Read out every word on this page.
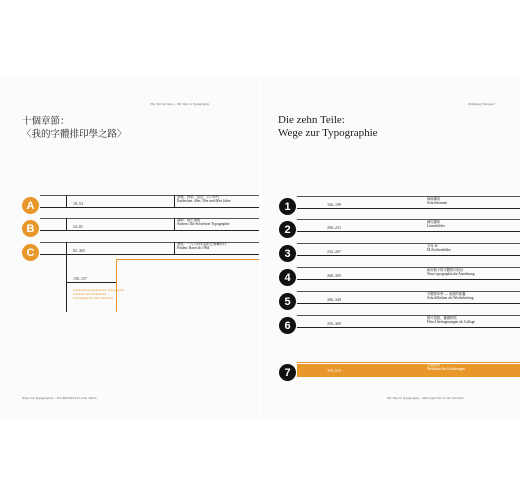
The Ten Sections – My Way to Typography
十個章節：
〈我的字體排印學之路〉
A	18–53
塗鴉，拼貼，直幻，六○年代
Entdecken: 40er, 50er und 60er Jahre
B	54–81
講師：瑞士風格
Suchen: Die Schweizer Typographie
C	82–365
發展：一九六四年起的巴塞爾年代
Finden: Basel ab 1964
130–157
Unterrichtsprogramm der Typographie
Lehrplan und didaktische
Grundlagen für den Unterricht
Wege zur Typographie – Ein Rückblick in zehn Teilen
Wolfgang Weingart
Die zehn Teile:
Wege zur Typographie
1	166–199
線與構成
Schriftformen
2	200–231
線性圖象
Linearbilder
3	232–267
字母 M
M Zeichenbilder
4	268–305
新形態下的字體排印設計
Neue typographische Anordnung
5	306–349
字體排印學 — 表面的重疊
Schriftflächen als Wiederholung
6	350–369
膠片拼貼，疊層拼貼
Film-Überlagerungen als Collage
7	370–513
字體排印
Werkstatt der Erfahrungen
My Way to Typography – Retrospective in Ten Sections
